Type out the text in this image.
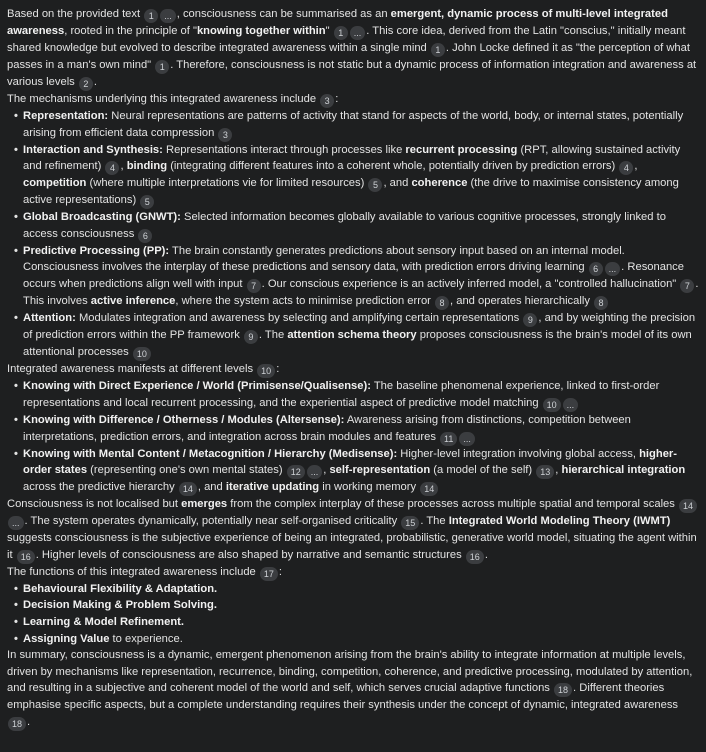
Based on the provided text 1 ... , consciousness can be summarised as an emergent, dynamic process of multi-level integrated awareness, rooted in the principle of "knowing together within" 1 ... . This core idea, derived from the Latin "conscius," initially meant shared knowledge but evolved to describe integrated awareness within a single mind 1 . John Locke defined it as "the perception of what passes in a man's own mind" 1 . Therefore, consciousness is not static but a dynamic process of information integration and awareness at various levels 2 .

The mechanisms underlying this integrated awareness include 3 :

• Representation: Neural representations are patterns of activity that stand for aspects of the world, body, or internal states, potentially arising from efficient data compression 3
• Interaction and Synthesis: Representations interact through processes like recurrent processing (RPT, allowing sustained activity and refinement) 4 , binding (integrating different features into a coherent whole, potentially driven by prediction errors) 4 , competition (where multiple interpretations vie for limited resources) 5 , and coherence (the drive to maximise consistency among active representations) 5
• Global Broadcasting (GNWT): Selected information becomes globally available to various cognitive processes, strongly linked to access consciousness 6
• Predictive Processing (PP): The brain constantly generates predictions about sensory input based on an internal model. Consciousness involves the interplay of these predictions and sensory data, with prediction errors driving learning 6 ... . Resonance occurs when predictions align well with input 7 . Our conscious experience is an actively inferred model, a "controlled hallucination" 7 . This involves active inference, where the system acts to minimise prediction error 8 , and operates hierarchically 8
• Attention: Modulates integration and awareness by selecting and amplifying certain representations 9 , and by weighting the precision of prediction errors within the PP framework 9 . The attention schema theory proposes consciousness is the brain's model of its own attentional processes 10

Integrated awareness manifests at different levels 10 :

• Knowing with Direct Experience / World (Primisense/Qualisense): The baseline phenomenal experience, linked to first-order representations and local recurrent processing, and the experiential aspect of predictive model matching 10 ...
• Knowing with Difference / Otherness / Modules (Altersense): Awareness arising from distinctions, competition between interpretations, prediction errors, and integration across brain modules and features 11 ...
• Knowing with Mental Content / Metacognition / Hierarchy (Medisense): Higher-level integration involving global access, higher-order states (representing one's own mental states) 12 ... , self-representation (a model of the self) 13 , hierarchical integration across the predictive hierarchy 14 , and iterative updating in working memory 14

Consciousness is not localised but emerges from the complex interplay of these processes across multiple spatial and temporal scales 14... . The system operates dynamically, potentially near self-organised criticality 15 . The Integrated World Modeling Theory (IWMT) suggests consciousness is the subjective experience of being an integrated, probabilistic, generative world model, situating the agent within it 16 . Higher levels of consciousness are also shaped by narrative and semantic structures 16 .

The functions of this integrated awareness include 17 :

• Behavioural Flexibility & Adaptation.
• Decision Making & Problem Solving.
• Learning & Model Refinement.
• Assigning Value to experience.

In summary, consciousness is a dynamic, emergent phenomenon arising from the brain's ability to integrate information at multiple levels, driven by mechanisms like representation, recurrence, binding, competition, coherence, and predictive processing, modulated by attention, and resulting in a subjective and coherent model of the world and self, which serves crucial adaptive functions 18 . Different theories emphasise specific aspects, but a complete understanding requires their synthesis under the concept of dynamic, integrated awareness 18 .
